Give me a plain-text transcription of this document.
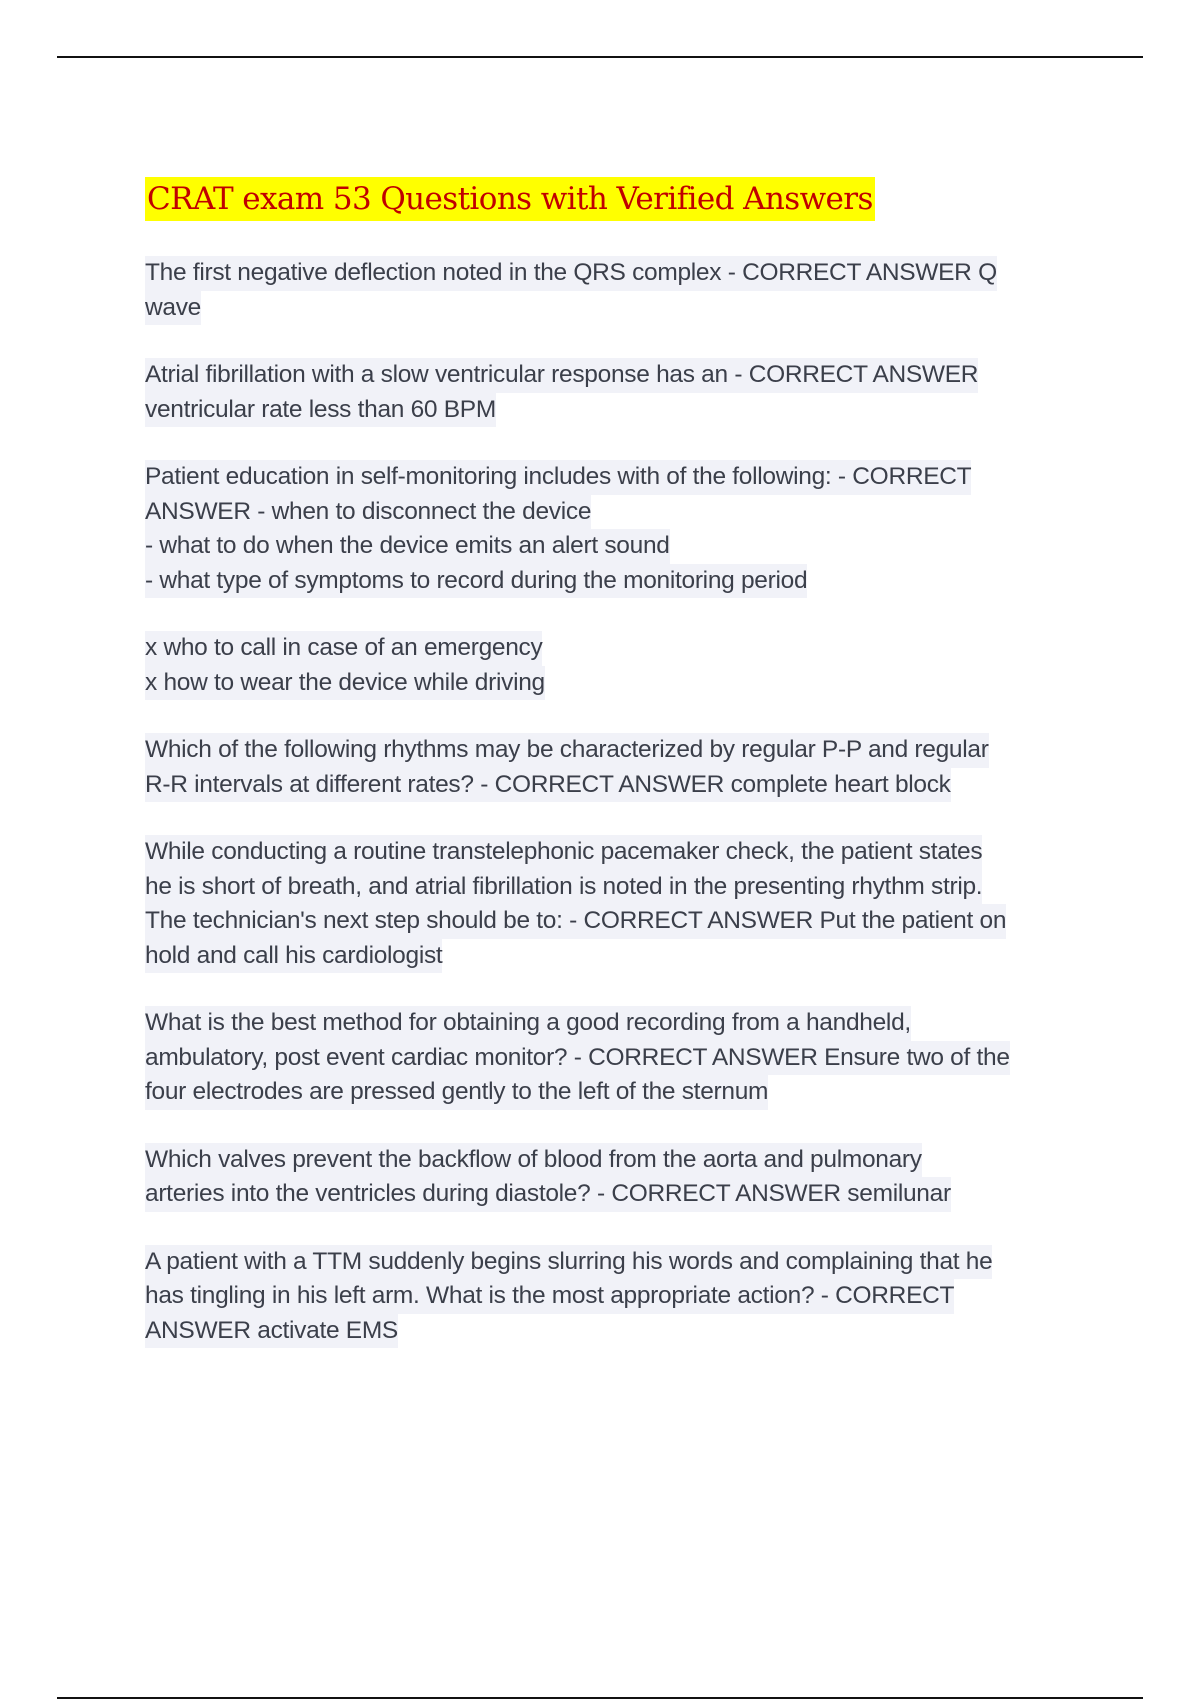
CRAT exam 53 Questions with Verified Answers
The first negative deflection noted in the QRS complex - CORRECT ANSWER Q
wave
Atrial fibrillation with a slow ventricular response has an - CORRECT ANSWER
ventricular rate less than 60 BPM
Patient education in self-monitoring includes with of the following: - CORRECT
ANSWER - when to disconnect the device
- what to do when the device emits an alert sound
- what type of symptoms to record during the monitoring period
x who to call in case of an emergency
x how to wear the device while driving
Which of the following rhythms may be characterized by regular P-P and regular
R-R intervals at different rates? - CORRECT ANSWER complete heart block
While conducting a routine transtelephonic pacemaker check, the patient states
he is short of breath, and atrial fibrillation is noted in the presenting rhythm strip.
The technician's next step should be to: - CORRECT ANSWER Put the patient on
hold and call his cardiologist
What is the best method for obtaining a good recording from a handheld,
ambulatory, post event cardiac monitor? - CORRECT ANSWER Ensure two of the
four electrodes are pressed gently to the left of the sternum
Which valves prevent the backflow of blood from the aorta and pulmonary
arteries into the ventricles during diastole? - CORRECT ANSWER semilunar
A patient with a TTM suddenly begins slurring his words and complaining that he
has tingling in his left arm. What is the most appropriate action? - CORRECT
ANSWER activate EMS
